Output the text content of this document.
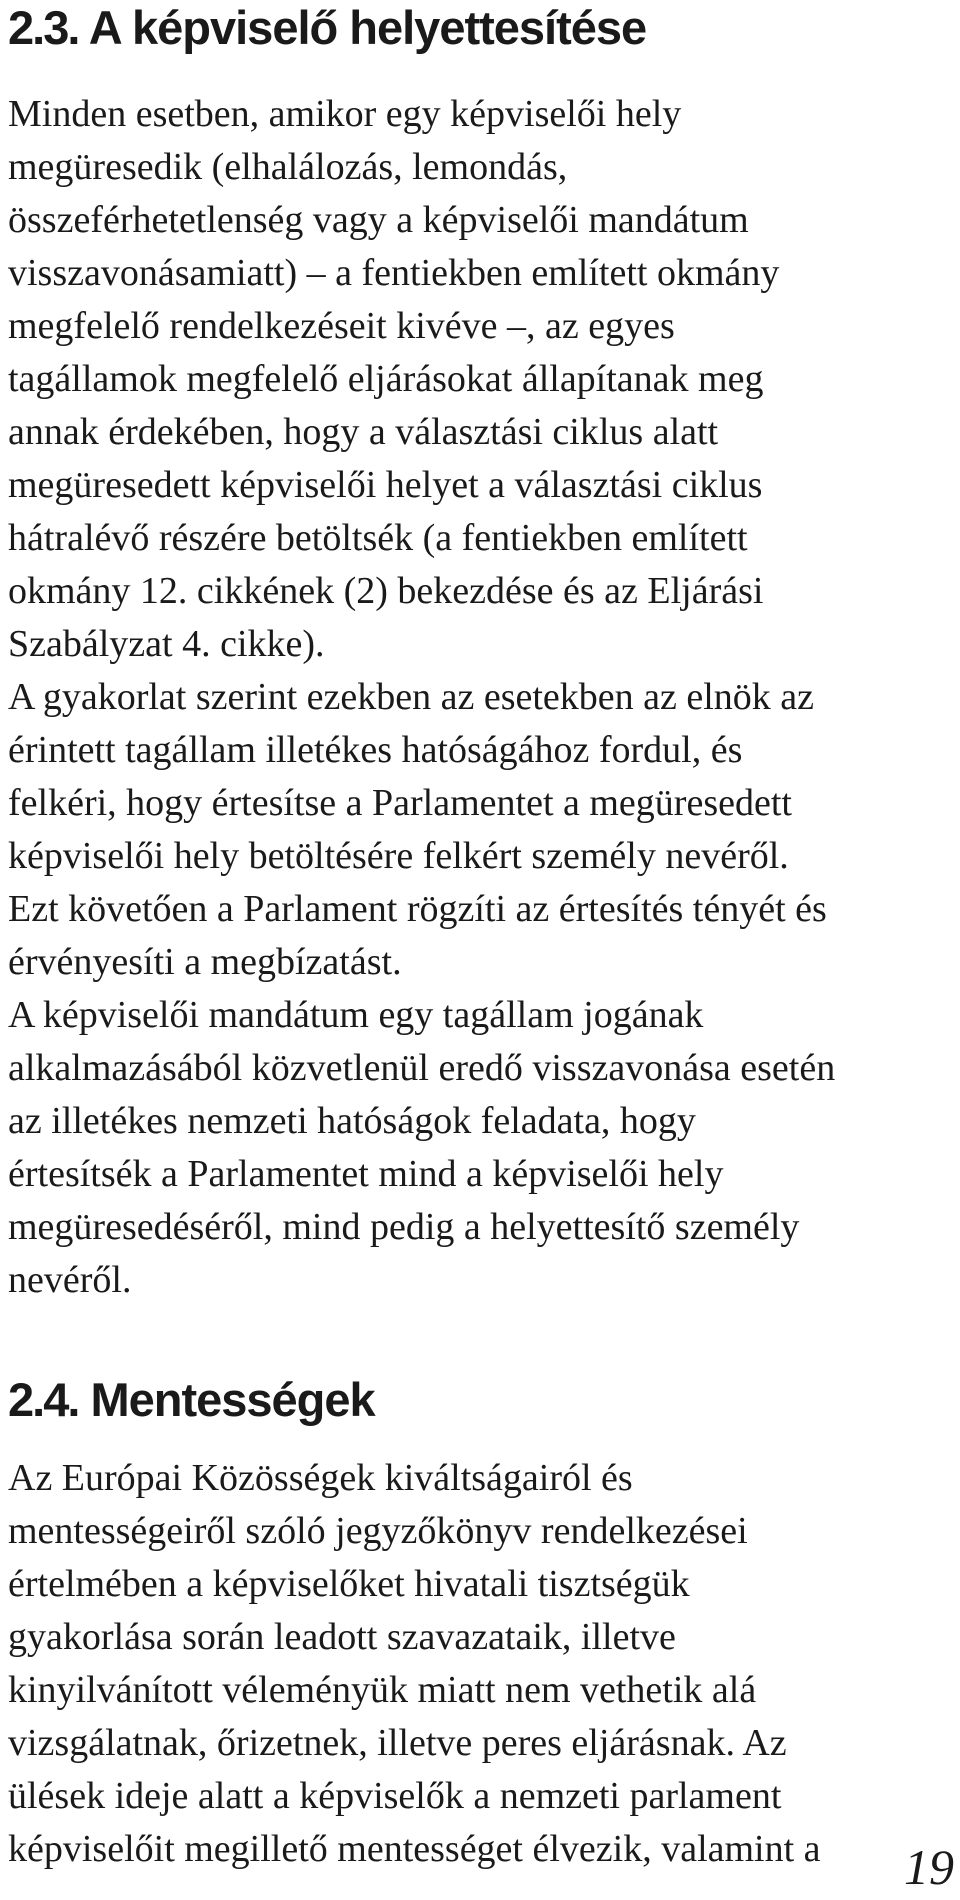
2.3. A képviselő helyettesítése
Minden esetben, amikor egy képviselői hely
megüresedik (elhalálozás, lemondás,
összeférhetetlenség vagy a képviselői mandátum
visszavonásamiatt) – a fentiekben említett okmány
megfelelő rendelkezéseit kivéve –, az egyes
tagállamok megfelelő eljárásokat állapítanak meg
annak érdekében, hogy a választási ciklus alatt
megüresedett képviselői helyet a választási ciklus
hátralévő részére betöltsék (a fentiekben említett
okmány 12. cikkének (2) bekezdése és az Eljárási
Szabályzat 4. cikke).
A gyakorlat szerint ezekben az esetekben az elnök az
érintett tagállam illetékes hatóságához fordul, és
felkéri, hogy értesítse a Parlamentet a megüresedett
képviselői hely betöltésére felkért személy nevéről.
Ezt követően a Parlament rögzíti az értesítés tényét és
érvényesíti a megbízatást.
A képviselői mandátum egy tagállam jogának
alkalmazásából közvetlenül eredő visszavonása esetén
az illetékes nemzeti hatóságok feladata, hogy
értesítsék a Parlamentet mind a képviselői hely
megüresedéséről, mind pedig a helyettesítő személy
nevéről.
2.4. Mentességek
Az Európai Közösségek kiváltságairól és
mentességeiről szóló jegyzőkönyv rendelkezései
értelmében a képviselőket hivatali tisztségük
gyakorlása során leadott szavazataik, illetve
kinyilvánított véleményük miatt nem vethetik alá
vizsgálatnak, őrizetnek, illetve peres eljárásnak. Az
ülések ideje alatt a képviselők a nemzeti parlament
képviselőit megillető mentességet élvezik, valamint a 19
